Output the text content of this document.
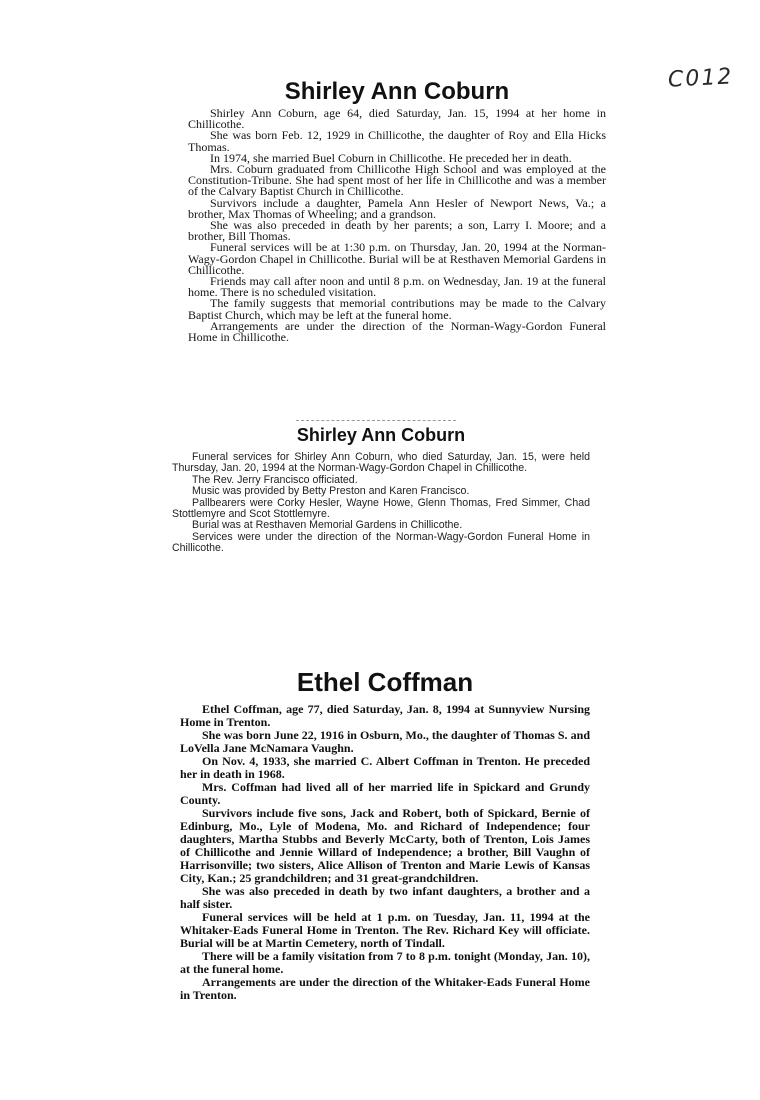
C012
Shirley Ann Coburn

Shirley Ann Coburn, age 64, died Saturday, Jan. 15, 1994 at her home in Chillicothe.

She was born Feb. 12, 1929 in Chillicothe, the daughter of Roy and Ella Hicks Thomas.

In 1974, she married Buel Coburn in Chillicothe. He preceded her in death.

Mrs. Coburn graduated from Chillicothe High School and was employed at the Constitution-Tribune. She had spent most of her life in Chillicothe and was a member of the Calvary Baptist Church in Chillicothe.

Survivors include a daughter, Pamela Ann Hesler of Newport News, Va.; a brother, Max Thomas of Wheeling; and a grandson.

She was also preceded in death by her parents; a son, Larry I. Moore; and a brother, Bill Thomas.

Funeral services will be at 1:30 p.m. on Thursday, Jan. 20, 1994 at the Norman-Wagy-Gordon Chapel in Chillicothe. Burial will be at Resthaven Memorial Gardens in Chillicothe.

Friends may call after noon and until 8 p.m. on Wednesday, Jan. 19 at the funeral home. There is no scheduled visitation.

The family suggests that memorial contributions may be made to the Calvary Baptist Church, which may be left at the funeral home.

Arrangements are under the direction of the Norman-Wagy-Gordon Funeral Home in Chillicothe.

Shirley Ann Coburn

Funeral services for Shirley Ann Coburn, who died Saturday, Jan. 15, were held Thursday, Jan. 20, 1994 at the Norman-Wagy-Gordon Chapel in Chillicothe.

The Rev. Jerry Francisco officiated.

Music was provided by Betty Preston and Karen Francisco.

Pallbearers were Corky Hesler, Wayne Howe, Glenn Thomas, Fred Simmer, Chad Stottlemyre and Scot Stottlemyre.

Burial was at Resthaven Memorial Gardens in Chillicothe.

Services were under the direction of the Norman-Wagy-Gordon Funeral Home in Chillicothe.

Ethel Coffman

Ethel Coffman, age 77, died Saturday, Jan. 8, 1994 at Sunnyview Nursing Home in Trenton.

She was born June 22, 1916 in Osburn, Mo., the daughter of Thomas S. and LoVella Jane McNamara Vaughn.

On Nov. 4, 1933, she married C. Albert Coffman in Trenton. He preceded her in death in 1968.

Mrs. Coffman had lived all of her married life in Spickard and Grundy County.

Survivors include five sons, Jack and Robert, both of Spickard, Bernie of Edinburg, Mo., Lyle of Modena, Mo. and Richard of Independence; four daughters, Martha Stubbs and Beverly McCarty, both of Trenton, Lois James of Chillicothe and Jennie Willard of Independence; a brother, Bill Vaughn of Harrisonville; two sisters, Alice Allison of Trenton and Marie Lewis of Kansas City, Kan.; 25 grandchildren; and 31 great-grandchildren.

She was also preceded in death by two infant daughters, a brother and a half sister.

Funeral services will be held at 1 p.m. on Tuesday, Jan. 11, 1994 at the Whitaker-Eads Funeral Home in Trenton. The Rev. Richard Key will officiate. Burial will be at Martin Cemetery, north of Tindall.

There will be a family visitation from 7 to 8 p.m. tonight (Monday, Jan. 10), at the funeral home.

Arrangements are under the direction of the Whitaker-Eads Funeral Home in Trenton.
